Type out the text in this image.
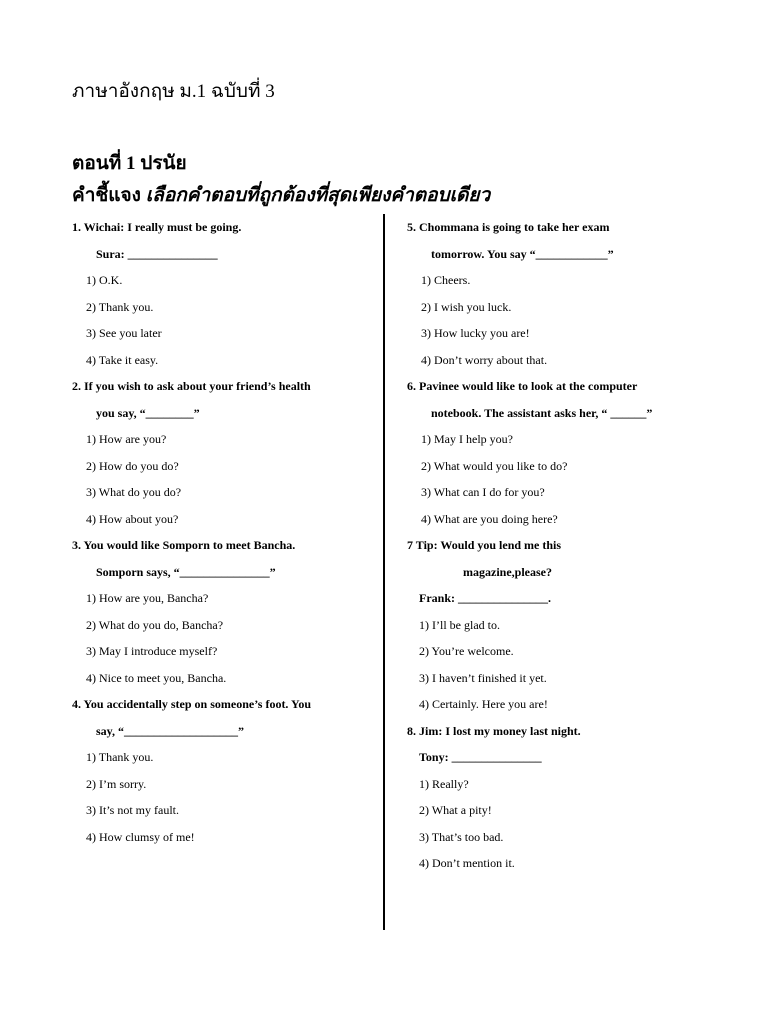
ภาษาอังกฤษ ม.1 ฉบับที่ 3
ตอนที่ 1 ปรนัย
คำชี้แจง เลือกคำตอบที่ถูกต้องที่สุดเพียงคำตอบเดียว
1. Wichai: I really must be going.
Sura: _______________
1) O.K.
2) Thank you.
3) See you later
4) Take it easy.
2. If you wish to ask about your friend’s health
you say, “________”
1) How are you?
2) How do you do?
3) What do you do?
4) How about you?
3. You would like Somporn to meet Bancha.
Somporn says, “_______________”
1) How are you, Bancha?
2) What do you do, Bancha?
3) May I introduce myself?
4) Nice to meet you, Bancha.
4. You accidentally step on someone’s foot. You
say, “___________________”
1) Thank you.
2) I’m sorry.
3) It’s not my fault.
4) How clumsy of me!
5. Chommana is going to take her exam
tomorrow. You say “____________”
1) Cheers.
2) I wish you luck.
3) How lucky you are!
4) Don’t worry about that.
6. Pavinee would like to look at the computer
notebook. The assistant asks her, “ ______”
1) May I help you?
2) What would you like to do?
3) What can I do for you?
4) What are you doing here?
7 Tip: Would you lend me this
magazine,please?
Frank: _______________.
1) I’ll be glad to.
2) You’re welcome.
3) I haven’t finished it yet.
4) Certainly. Here you are!
8. Jim: I lost my money last night.
Tony: _______________
1) Really?
2) What a pity!
3) That’s too bad.
4) Don’t mention it.
